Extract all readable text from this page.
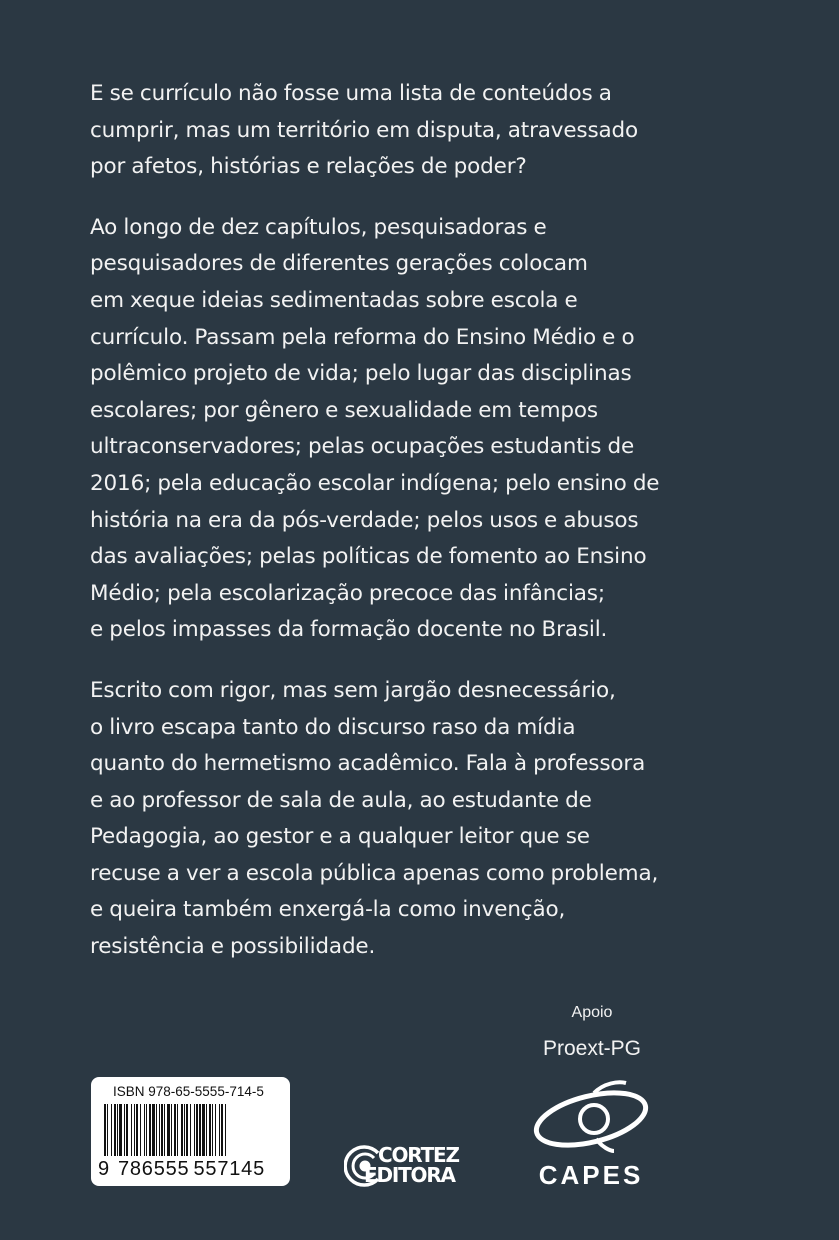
E se currículo não fosse uma lista de conteúdos a
cumprir, mas um território em disputa, atravessado
por afetos, histórias e relações de poder?

Ao longo de dez capítulos, pesquisadoras e
pesquisadores de diferentes gerações colocam
em xeque ideias sedimentadas sobre escola e
currículo. Passam pela reforma do Ensino Médio e o
polêmico projeto de vida; pelo lugar das disciplinas
escolares; por gênero e sexualidade em tempos
ultraconservadores; pelas ocupações estudantis de
2016; pela educação escolar indígena; pelo ensino de
história na era da pós-verdade; pelos usos e abusos
das avaliações; pelas políticas de fomento ao Ensino
Médio; pela escolarização precoce das infâncias;
e pelos impasses da formação docente no Brasil.

Escrito com rigor, mas sem jargão desnecessário,
o livro escapa tanto do discurso raso da mídia
quanto do hermetismo acadêmico. Fala à professora
e ao professor de sala de aula, ao estudante de
Pedagogia, ao gestor e a qualquer leitor que se
recuse a ver a escola pública apenas como problema,
e queira também enxergá-la como invenção,
resistência e possibilidade.

ISBN 978-65-5555-714-5
9 786555 557145
CORTEZ
EDITORA
Apoio
Proext-PG
CAPES
